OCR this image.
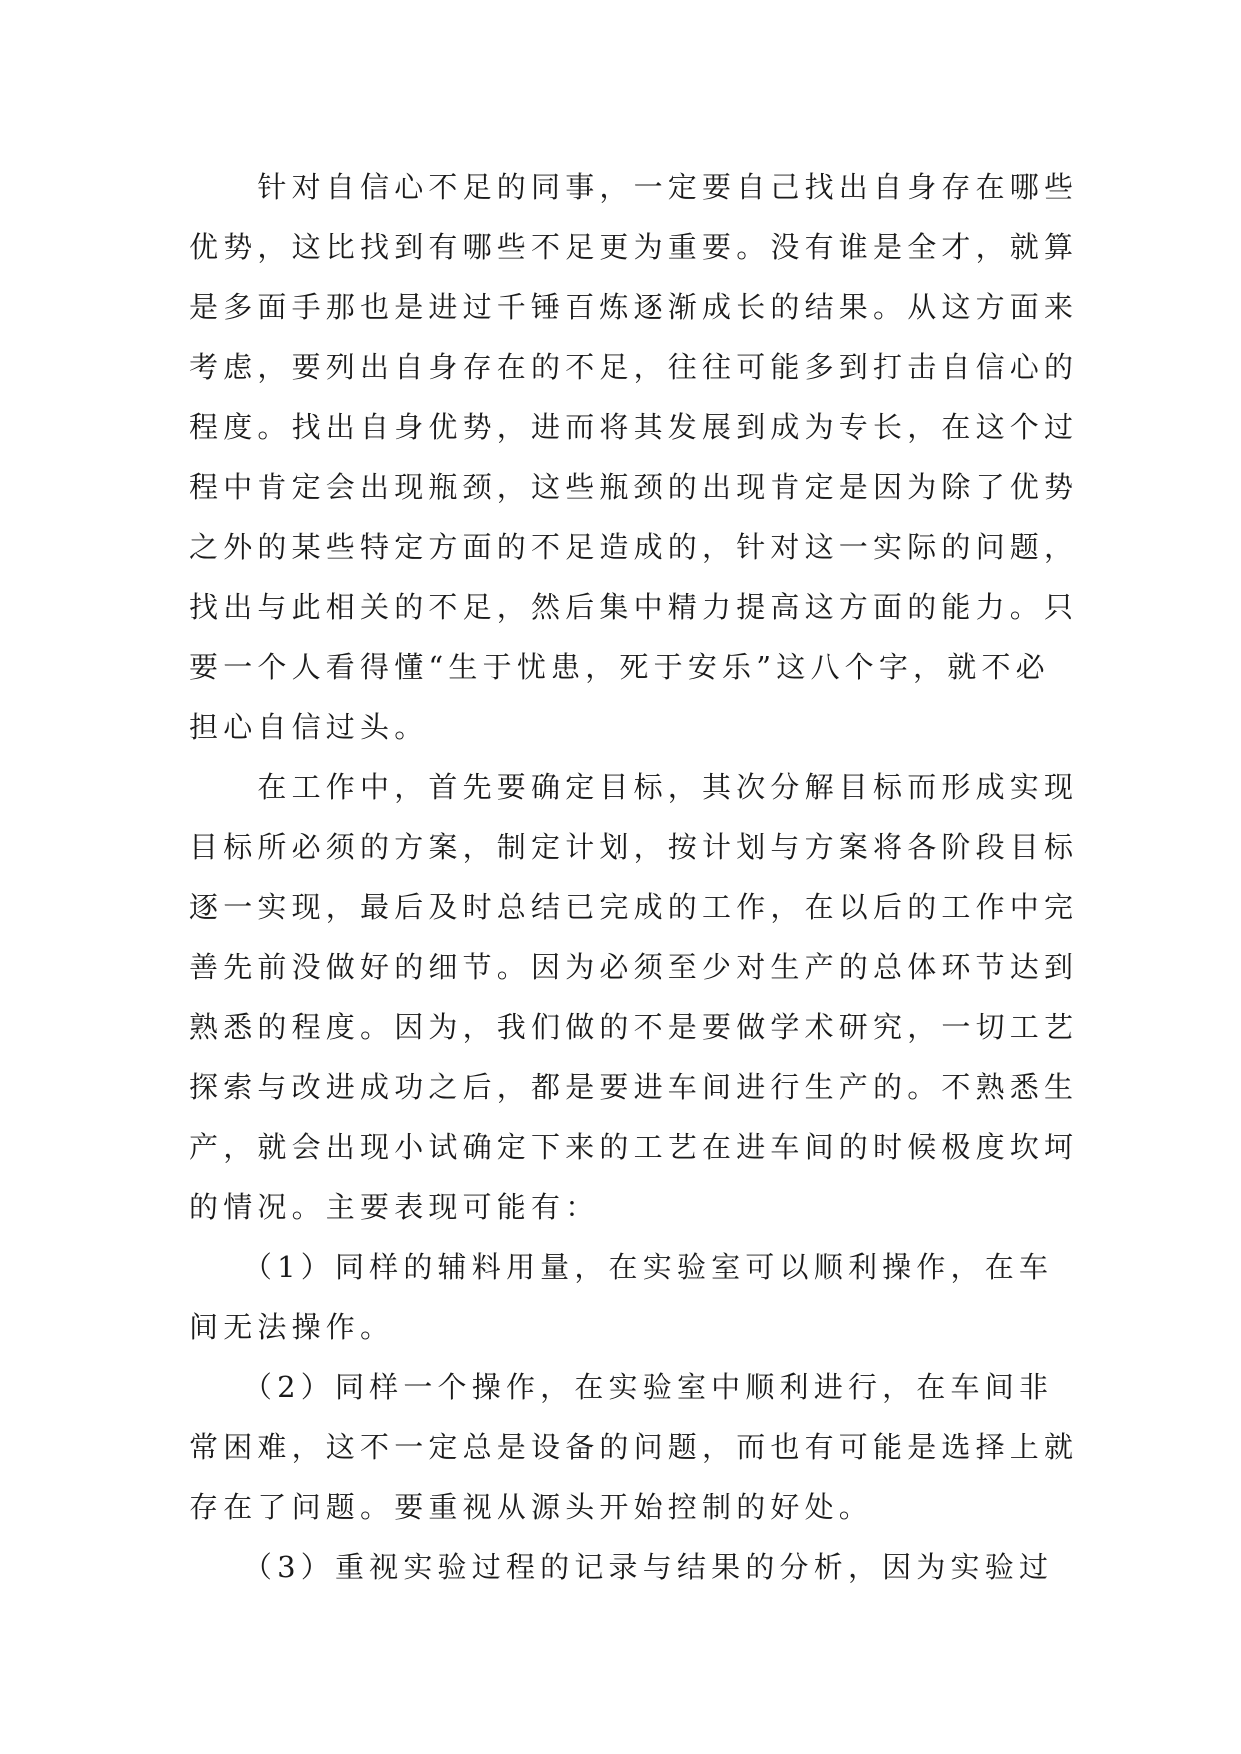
　　针对自信心不足的同事，一定要自己找出自身存在哪些
优势，这比找到有哪些不足更为重要。没有谁是全才，就算
是多面手那也是进过千锤百炼逐渐成长的结果。从这方面来
考虑，要列出自身存在的不足，往往可能多到打击自信心的
程度。找出自身优势，进而将其发展到成为专长，在这个过
程中肯定会出现瓶颈，这些瓶颈的出现肯定是因为除了优势
之外的某些特定方面的不足造成的，针对这一实际的问题，
找出与此相关的不足，然后集中精力提高这方面的能力。只
要一个人看得懂“生于忧患，死于安乐”这八个字，就不必
担心自信过头。
　　在工作中，首先要确定目标，其次分解目标而形成实现
目标所必须的方案，制定计划，按计划与方案将各阶段目标
逐一实现，最后及时总结已完成的工作，在以后的工作中完
善先前没做好的细节。因为必须至少对生产的总体环节达到
熟悉的程度。因为，我们做的不是要做学术研究，一切工艺
探索与改进成功之后，都是要进车间进行生产的。不熟悉生
产，就会出现小试确定下来的工艺在进车间的时候极度坎坷
的情况。主要表现可能有：
　　（1）同样的辅料用量，在实验室可以顺利操作，在车
间无法操作。
　　（2）同样一个操作，在实验室中顺利进行，在车间非
常困难，这不一定总是设备的问题，而也有可能是选择上就
存在了问题。要重视从源头开始控制的好处。
　　（3）重视实验过程的记录与结果的分析，因为实验过
